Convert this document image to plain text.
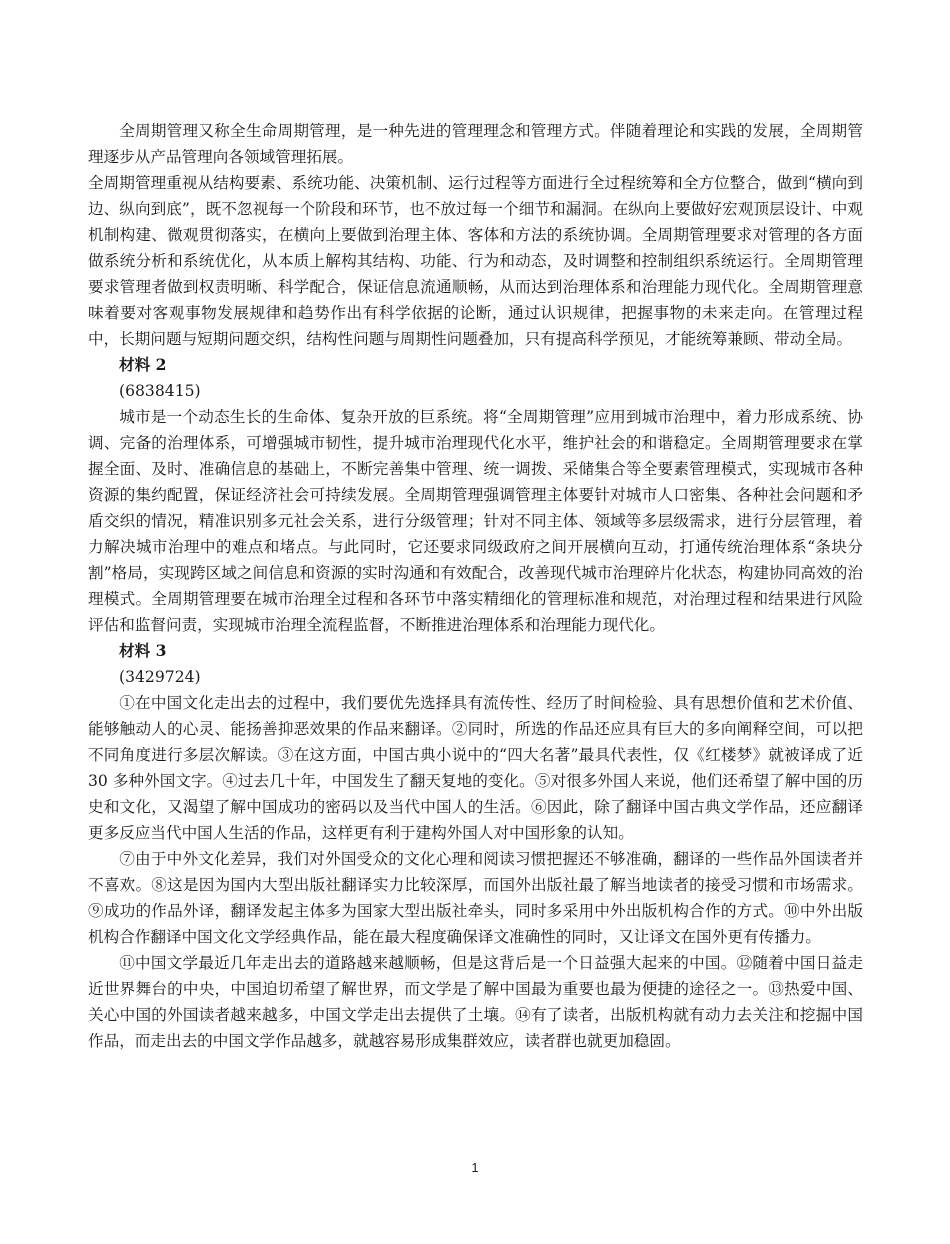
全周期管理又称全生命周期管理，是一种先进的管理理念和管理方式。伴随着理论和实践的发展，全周期管理逐步从产品管理向各领域管理拓展。

全周期管理重视从结构要素、系统功能、决策机制、运行过程等方面进行全过程统筹和全方位整合，做到“横向到边、纵向到底”，既不忽视每一个阶段和环节，也不放过每一个细节和漏洞。在纵向上要做好宏观顶层设计、中观机制构建、微观贯彻落实，在横向上要做到治理主体、客体和方法的系统协调。全周期管理要求对管理的各方面做系统分析和系统优化，从本质上解构其结构、功能、行为和动态，及时调整和控制组织系统运行。全周期管理要求管理者做到权责明晰、科学配合，保证信息流通顺畅，从而达到治理体系和治理能力现代化。全周期管理意味着要对客观事物发展规律和趋势作出有科学依据的论断，通过认识规律，把握事物的未来走向。在管理过程中，长期问题与短期问题交织，结构性问题与周期性问题叠加，只有提高科学预见，才能统筹兼顾、带动全局。

材料 2

(6838415)

城市是一个动态生长的生命体、复杂开放的巨系统。将“全周期管理”应用到城市治理中，着力形成系统、协调、完备的治理体系，可增强城市韧性，提升城市治理现代化水平，维护社会的和谐稳定。全周期管理要求在掌握全面、及时、准确信息的基础上，不断完善集中管理、统一调拨、采储集合等全要素管理模式，实现城市各种资源的集约配置，保证经济社会可持续发展。全周期管理强调管理主体要针对城市人口密集、各种社会问题和矛盾交织的情况，精准识别多元社会关系，进行分级管理；针对不同主体、领域等多层级需求，进行分层管理，着力解决城市治理中的难点和堵点。与此同时，它还要求同级政府之间开展横向互动，打通传统治理体系“条块分割”格局，实现跨区域之间信息和资源的实时沟通和有效配合，改善现代城市治理碎片化状态，构建协同高效的治理模式。全周期管理要在城市治理全过程和各环节中落实精细化的管理标准和规范，对治理过程和结果进行风险评估和监督问责，实现城市治理全流程监督，不断推进治理体系和治理能力现代化。

材料 3

(3429724)

①在中国文化走出去的过程中，我们要优先选择具有流传性、经历了时间检验、具有思想价值和艺术价值、能够触动人的心灵、能扬善抑恶效果的作品来翻译。②同时，所选的作品还应具有巨大的多向阐释空间，可以把不同角度进行多层次解读。③在这方面，中国古典小说中的“四大名著”最具代表性，仅《红楼梦》就被译成了近 30 多种外国文字。④过去几十年，中国发生了翻天复地的变化。⑤对很多外国人来说，他们还希望了解中国的历史和文化，又渴望了解中国成功的密码以及当代中国人的生活。⑥因此，除了翻译中国古典文学作品，还应翻译更多反应当代中国人生活的作品，这样更有利于建构外国人对中国形象的认知。

⑦由于中外文化差异，我们对外国受众的文化心理和阅读习惯把握还不够准确，翻译的一些作品外国读者并不喜欢。⑧这是因为国内大型出版社翻译实力比较深厚，而国外出版社最了解当地读者的接受习惯和市场需求。⑨成功的作品外译，翻译发起主体多为国家大型出版社牵头，同时多采用中外出版机构合作的方式。⑩中外出版机构合作翻译中国文化文学经典作品，能在最大程度确保译文准确性的同时，又让译文在国外更有传播力。

⑪中国文学最近几年走出去的道路越来越顺畅，但是这背后是一个日益强大起来的中国。⑫随着中国日益走近世界舞台的中央，中国迫切希望了解世界，而文学是了解中国最为重要也最为便捷的途径之一。⑬热爱中国、关心中国的外国读者越来越多，中国文学走出去提供了土壤。⑭有了读者，出版机构就有动力去关注和挖掘中国作品，而走出去的中国文学作品越多，就越容易形成集群效应，读者群也就更加稳固。

1
